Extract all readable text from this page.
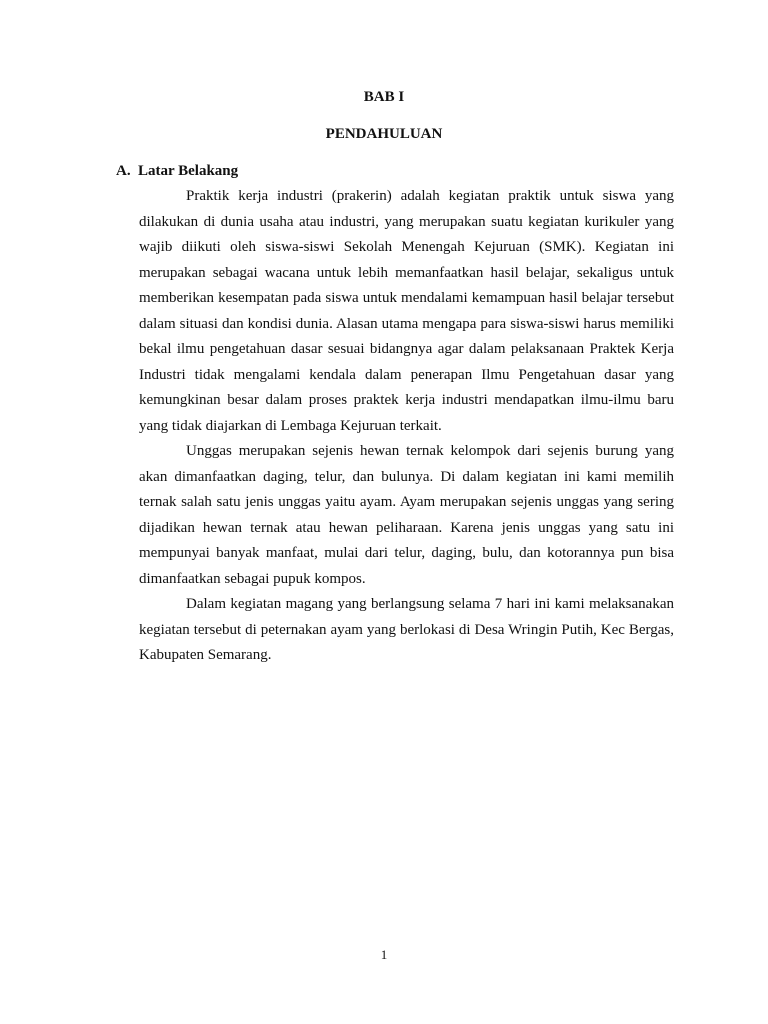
BAB I
PENDAHULUAN
A. Latar Belakang

Praktik kerja industri (prakerin) adalah kegiatan praktik untuk siswa yang dilakukan di dunia usaha atau industri, yang merupakan suatu kegiatan kurikuler yang wajib diikuti oleh siswa-siswi Sekolah Menengah Kejuruan (SMK). Kegiatan ini merupakan sebagai wacana untuk lebih memanfaatkan hasil belajar, sekaligus untuk memberikan kesempatan pada siswa untuk mendalami kemampuan hasil belajar tersebut dalam situasi dan kondisi dunia. Alasan utama mengapa para siswa-siswi harus memiliki bekal ilmu pengetahuan dasar sesuai bidangnya agar dalam pelaksanaan Praktek Kerja Industri tidak mengalami kendala dalam penerapan Ilmu Pengetahuan dasar yang kemungkinan besar dalam proses praktek kerja industri mendapatkan ilmu-ilmu baru yang tidak diajarkan di Lembaga Kejuruan terkait.

Unggas merupakan sejenis hewan ternak kelompok dari sejenis burung yang akan dimanfaatkan daging, telur, dan bulunya. Di dalam kegiatan ini kami memilih ternak salah satu jenis unggas yaitu ayam. Ayam merupakan sejenis unggas yang sering dijadikan hewan ternak atau hewan peliharaan. Karena jenis unggas yang satu ini mempunyai banyak manfaat, mulai dari telur, daging, bulu, dan kotorannya pun bisa dimanfaatkan sebagai pupuk kompos.

Dalam kegiatan magang yang berlangsung selama 7 hari ini kami melaksanakan kegiatan tersebut di peternakan ayam yang berlokasi di Desa Wringin Putih, Kec Bergas, Kabupaten Semarang.

1
